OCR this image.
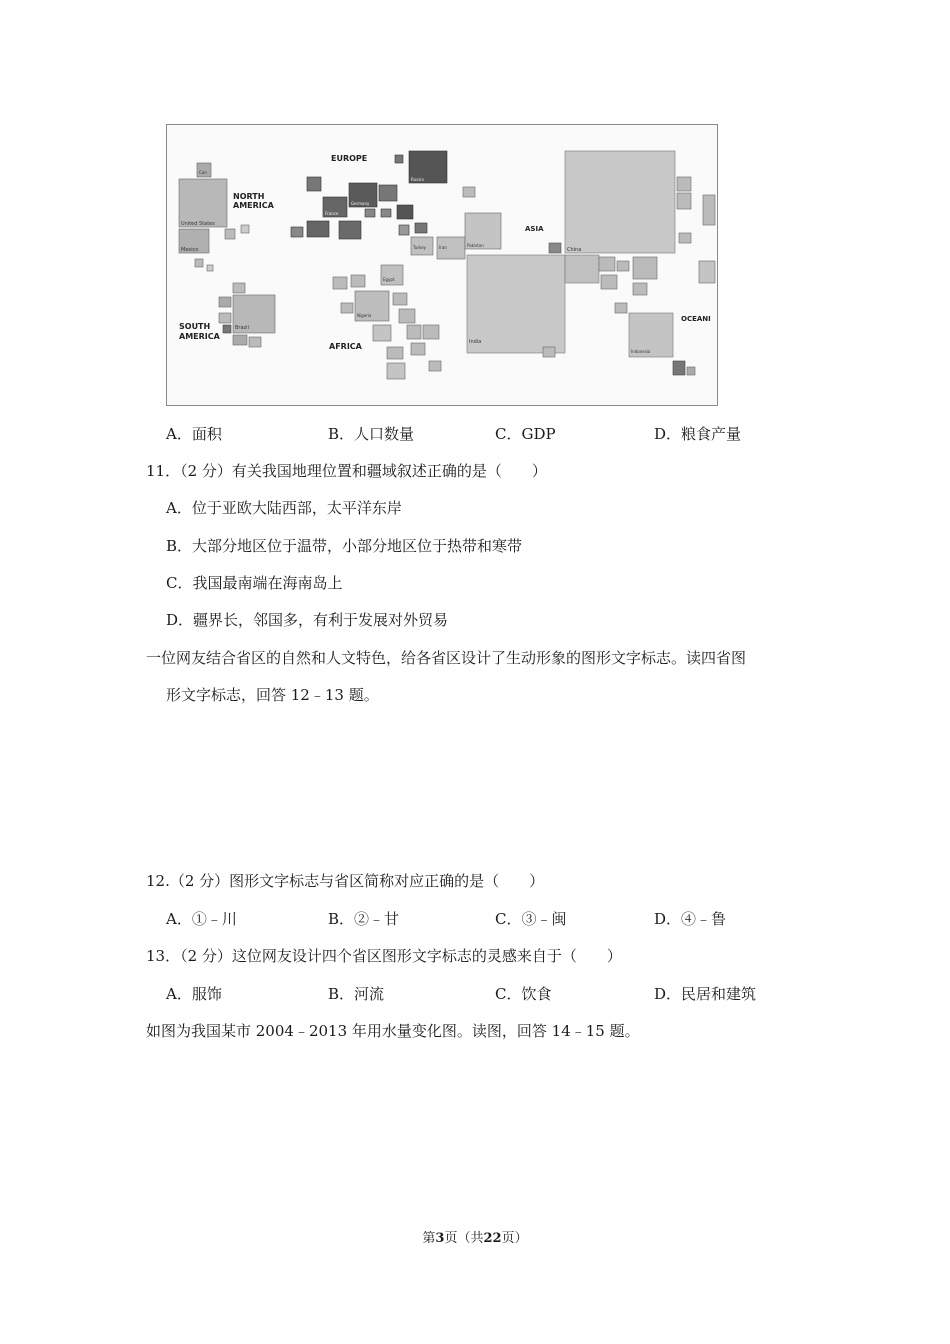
United States
Mexico
Can
NORTH AMERICA
Brazil
SOUTH AMERICA
EUROPE
Russia
Germany
France
Turkey	Iran	Pakistan
Egypt
Nigeria
AFRICA	India
China
ASIA
Indonesia
OCEANI
A．面积	B．人口数量	C．GDP	D．粮食产量
11．（2 分）有关我国地理位置和疆域叙述正确的是（　　）
A．位于亚欧大陆西部，太平洋东岸
B．大部分地区位于温带，小部分地区位于热带和寒带
C．我国最南端在海南岛上
D．疆界长，邻国多，有利于发展对外贸易
一位网友结合省区的自然和人文特色，给各省区设计了生动形象的图形文字标志。读四省图
形文字标志，回答 12﹣13 题。
12.（2 分）图形文字标志与省区简称对应正确的是（　　）
A．①﹣川	B．②﹣甘	C．③﹣闽	D．④﹣鲁
13．（2 分）这位网友设计四个省区图形文字标志的灵感来自于（　　）
A．服饰	B．河流	C．饮食	D．民居和建筑
如图为我国某市 2004﹣2013 年用水量变化图。读图，回答 14﹣15 题。
第3页（共22页）
